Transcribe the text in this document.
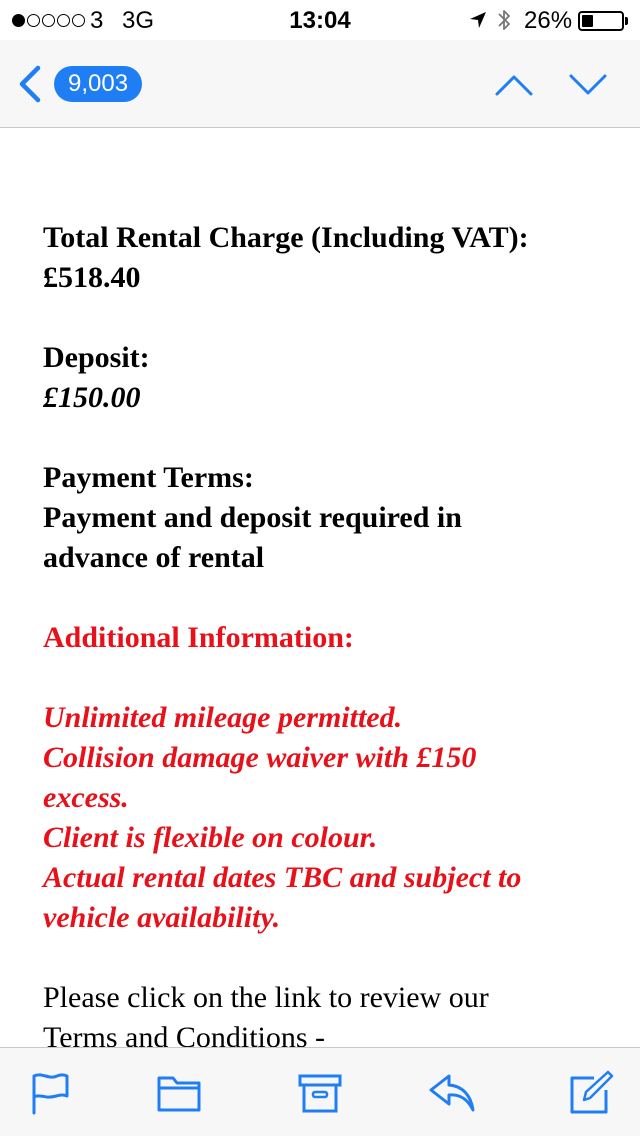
3 3G	13:04	26%
9,003

Total Rental Charge (Including VAT):
£518.40

Deposit:
£150.00

Payment Terms:
Payment and deposit required in
advance of rental

Additional Information:

Unlimited mileage permitted.
Collision damage waiver with £150
excess.
Client is flexible on colour.
Actual rental dates TBC and subject to
vehicle availability.

Please click on the link to review our
Terms and Conditions -
